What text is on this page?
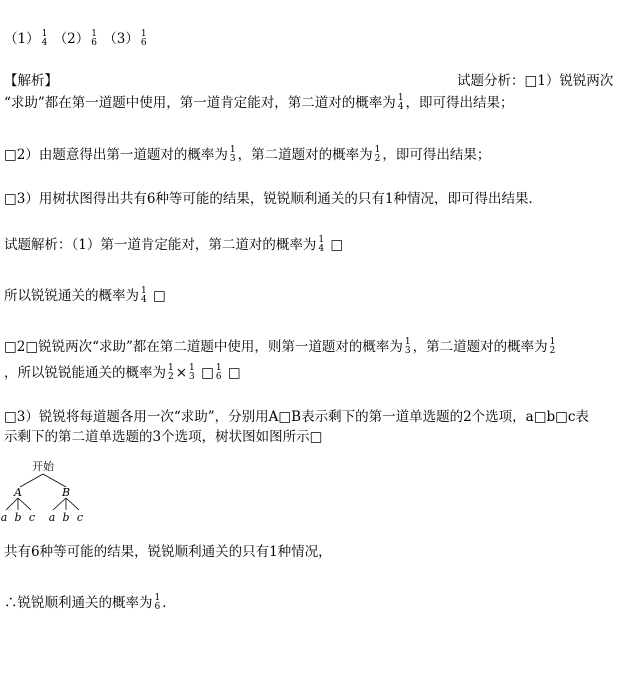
（1） 1
4 （2） 1
6 （3） 1
6
【解析】	试题分析：□1）锐锐两次
“求助”都在第一道题中使用，第一道肯定能对，第二道对的概率为 1
4 ，即可得出结果；
□2）由题意得出第一道题对的概率为 1
3 ，第二道题对的概率为 1
2 ，即可得出结果；
□3）用树状图得出共有6种等可能的结果，锐锐顺利通关的只有1种情况，即可得出结果．
试题解析：（1）第一道肯定能对，第二道对的概率为 1
4 □
所以锐锐通关的概率为 1
4 □
□2□锐锐两次“求助”都在第二道题中使用，则第一道题对的概率为 1
3 ，第二道题对的概率为 1
2
，所以锐锐能通关的概率为 1
2 × 1
3 □ 1
6 □
□3）锐锐将每道题各用一次“求助”，分别用A□B表示剩下的第一道单选题的2个选项，a□b□c表
示剩下的第二道单选题的3个选项，树状图如图所示□
开始
A	B
a b c a b c
共有6种等可能的结果，锐锐顺利通关的只有1种情况，
∴锐锐顺利通关的概率为 1
6 ．
